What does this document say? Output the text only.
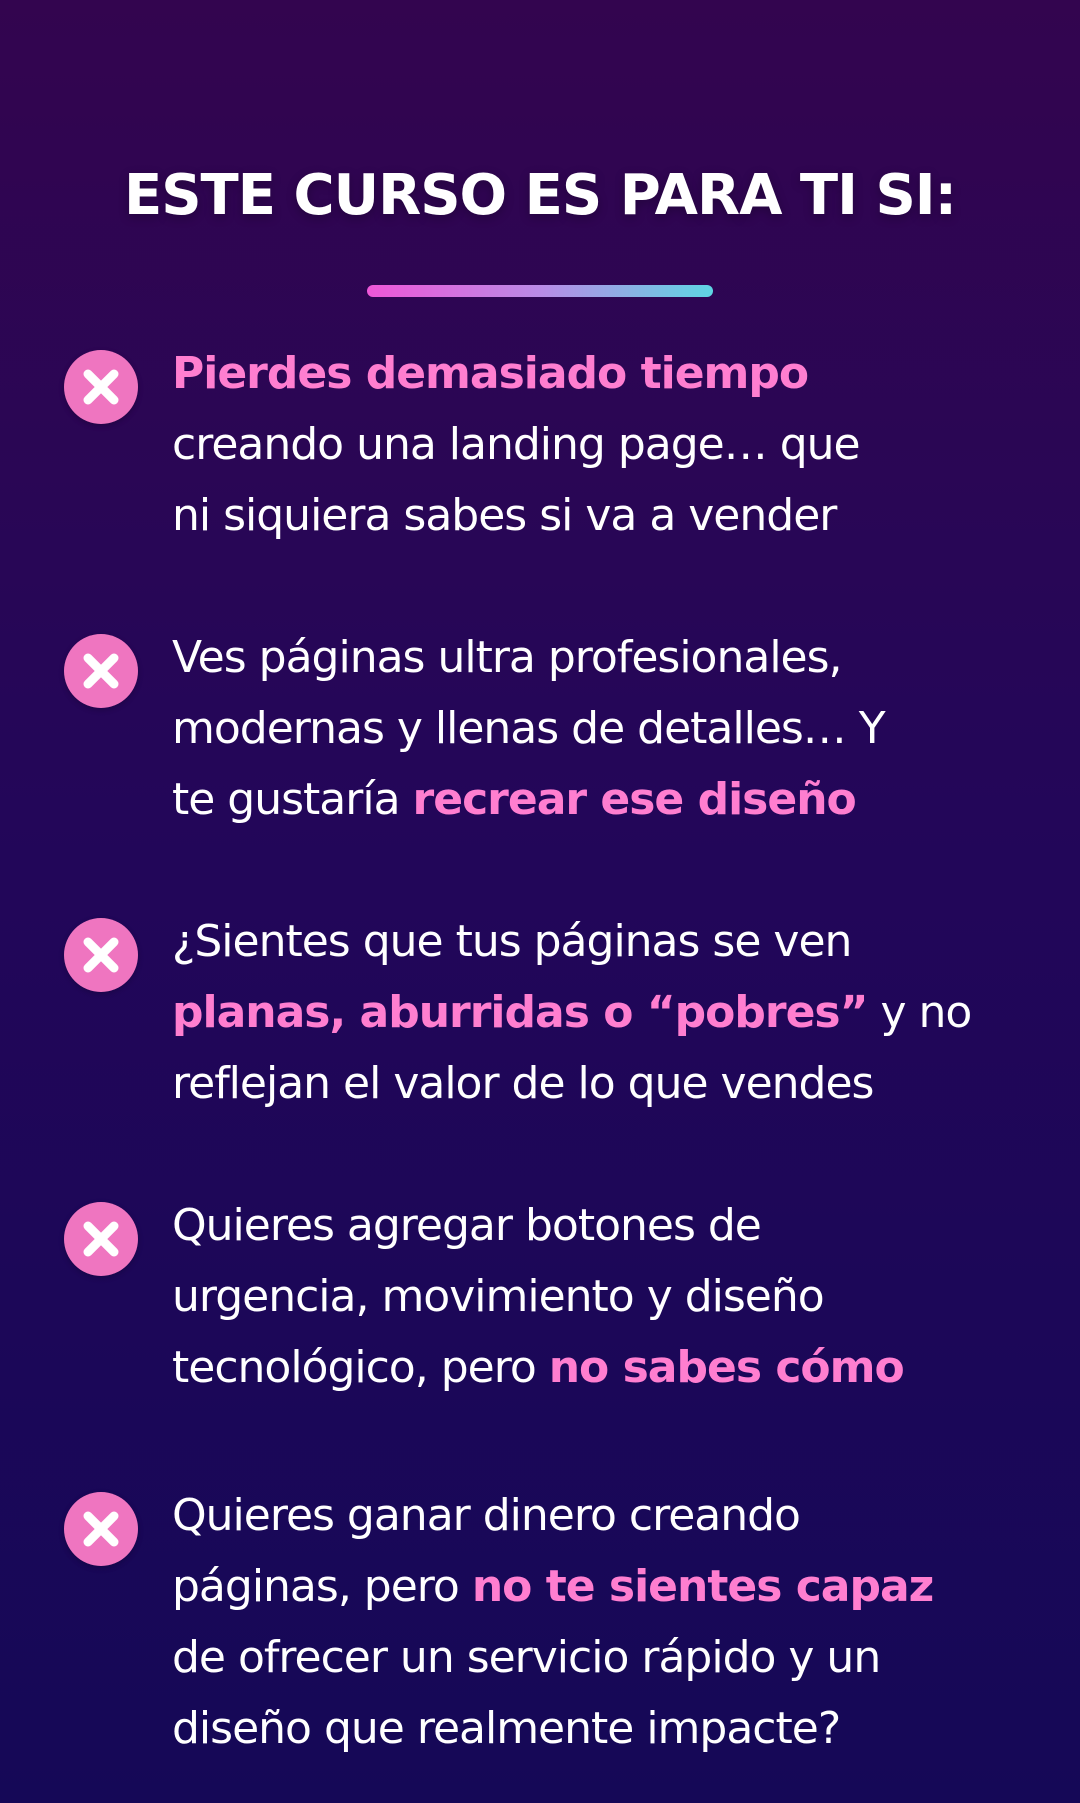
ESTE CURSO ES PARA TI SI:

Pierdes demasiado tiempo
creando una landing page… que
ni siquiera sabes si va a vender

Ves páginas ultra profesionales,
modernas y llenas de detalles… Y
te gustaría recrear ese diseño

¿Sientes que tus páginas se ven
planas, aburridas o “pobres” y no
reflejan el valor de lo que vendes

Quieres agregar botones de
urgencia, movimiento y diseño
tecnológico, pero no sabes cómo

Quieres ganar dinero creando
páginas, pero no te sientes capaz
de ofrecer un servicio rápido y un
diseño que realmente impacte?
